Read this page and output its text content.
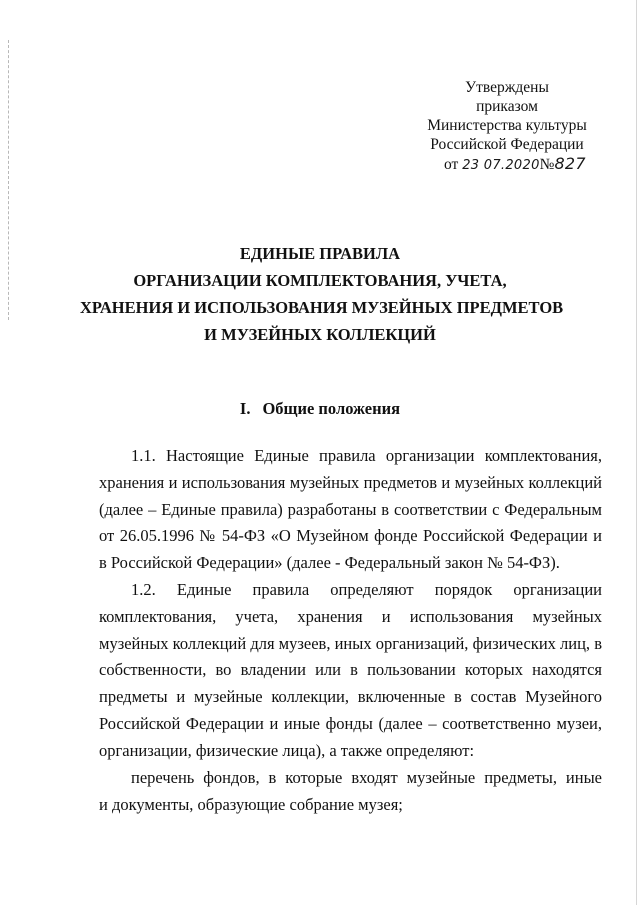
Утверждены
приказом
Министерства культуры
Российской Федерации
от 23 07.2020№827
ЕДИНЫЕ ПРАВИЛА
ОРГАНИЗАЦИИ КОМПЛЕКТОВАНИЯ, УЧЕТА,
ХРАНЕНИЯ И ИСПОЛЬЗОВАНИЯ МУЗЕЙНЫХ ПРЕДМЕТОВ
И МУЗЕЙНЫХ КОЛЛЕКЦИЙ
I. Общие положения
1.1. Настоящие Единые правила организации комплектования,
хранения и использования музейных предметов и музейных коллекций
(далее – Единые правила) разработаны в соответствии с Федеральным
от 26.05.1996 № 54-ФЗ «О Музейном фонде Российской Федерации и
в Российской Федерации» (далее - Федеральный закон № 54-ФЗ).
1.2. Единые правила определяют порядок организации
комплектования, учета, хранения и использования музейных
музейных коллекций для музеев, иных организаций, физических лиц, в
собственности, во владении или в пользовании которых находятся
предметы и музейные коллекции, включенные в состав Музейного
Российской Федерации и иные фонды (далее – соответственно музеи,
организации, физические лица), а также определяют:
перечень фондов, в которые входят музейные предметы, иные
и документы, образующие собрание музея;
